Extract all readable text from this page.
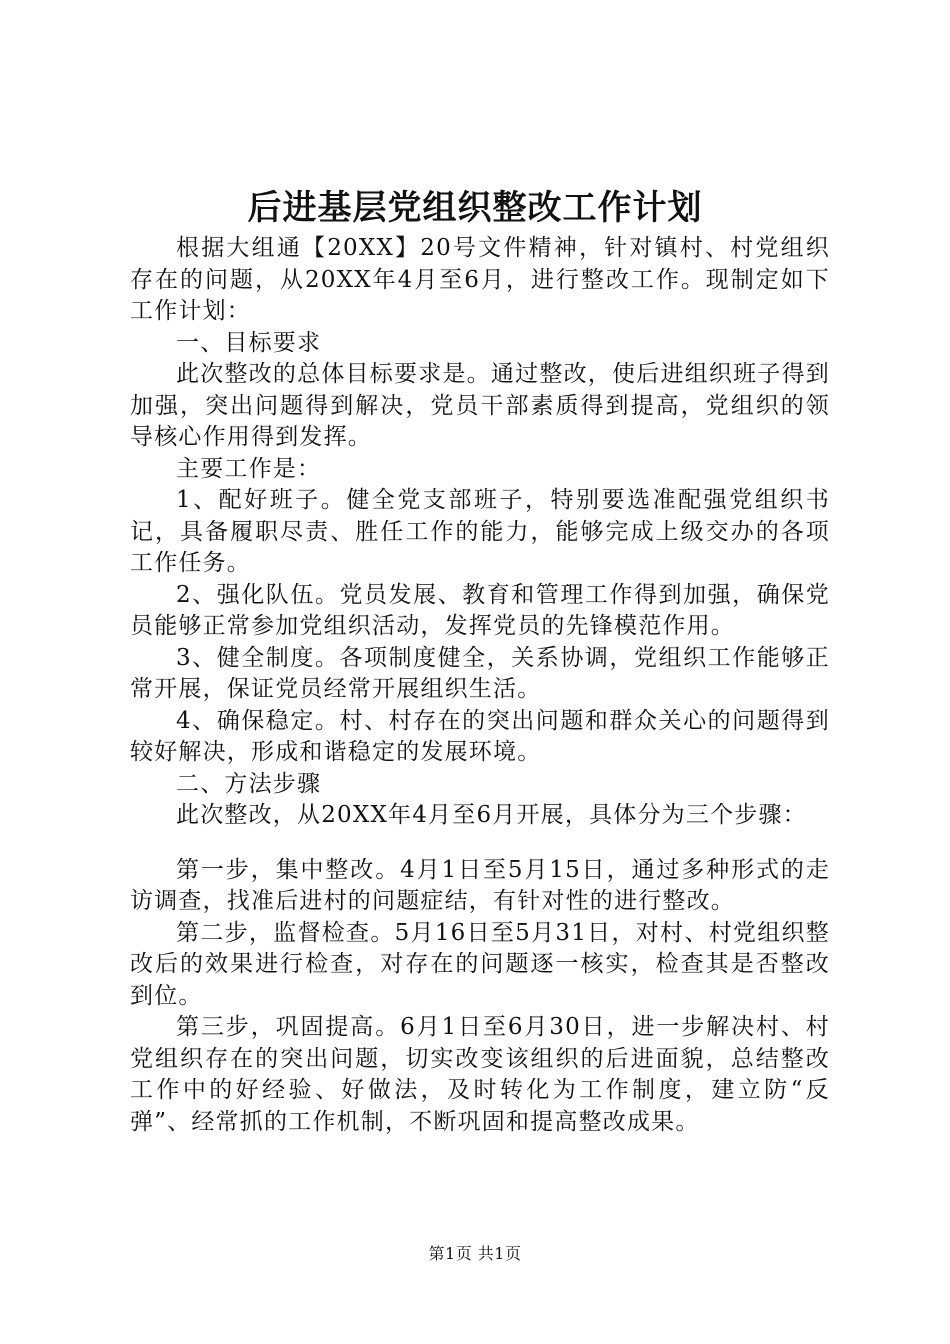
后进基层党组织整改工作计划

根据大组通【20XX】20号文件精神，针对镇村、村党组织存在的问题，从20XX年4月至6月，进行整改工作。现制定如下工作计划：

一、目标要求

此次整改的总体目标要求是。通过整改，使后进组织班子得到加强，突出问题得到解决，党员干部素质得到提高，党组织的领导核心作用得到发挥。

主要工作是：

1、配好班子。健全党支部班子，特别要选准配强党组织书记，具备履职尽责、胜任工作的能力，能够完成上级交办的各项工作任务。

2、强化队伍。党员发展、教育和管理工作得到加强，确保党员能够正常参加党组织活动，发挥党员的先锋模范作用。

3、健全制度。各项制度健全，关系协调，党组织工作能够正常开展，保证党员经常开展组织生活。

4、确保稳定。村、村存在的突出问题和群众关心的问题得到较好解决，形成和谐稳定的发展环境。

二、方法步骤

此次整改，从20XX年4月至6月开展，具体分为三个步骤：

第一步，集中整改。4月1日至5月15日，通过多种形式的走访调查，找准后进村的问题症结，有针对性的进行整改。

第二步，监督检查。5月16日至5月31日，对村、村党组织整改后的效果进行检查，对存在的问题逐一核实，检查其是否整改到位。

第三步，巩固提高。6月1日至6月30日，进一步解决村、村党组织存在的突出问题，切实改变该组织的后进面貌，总结整改工作中的好经验、好做法，及时转化为工作制度，建立防“反弹”、经常抓的工作机制，不断巩固和提高整改成果。

第1页 共1页
